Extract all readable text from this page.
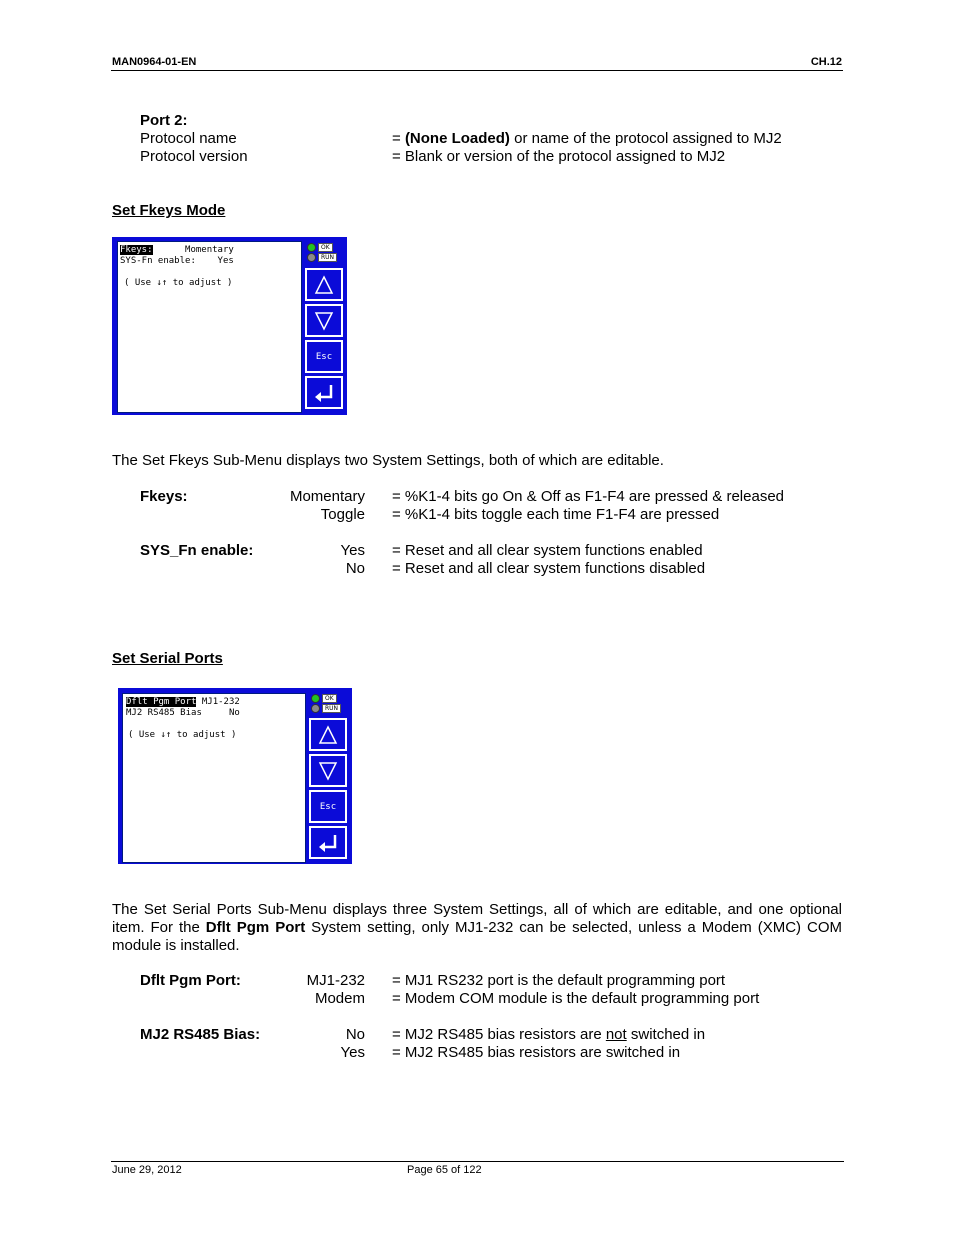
MAN0964-01-EN	CH.12
Port 2:
Protocol name	= (None Loaded) or name of the protocol assigned to MJ2
Protocol version	= Blank or version of the protocol assigned to MJ2
Set Fkeys Mode
Fkeys:      Momentary
SYS-Fn enable:    Yes
( Use ↓↑ to adjust )
OK
RUN
Esc
The Set Fkeys Sub-Menu displays two System Settings, both of which are editable.
Fkeys:	Momentary = %K1-4 bits go On & Off as F1-F4 are pressed & released
Toggle = %K1-4 bits toggle each time F1-F4 are pressed
SYS_Fn enable:	Yes = Reset and all clear system functions enabled
No = Reset and all clear system functions disabled
Set Serial Ports
Dflt Pgm Port MJ1-232
MJ2 RS485 Bias     No
( Use ↓↑ to adjust )
OK
RUN
Esc
The Set Serial Ports Sub-Menu displays three System Settings, all of which are editable, and one optional item. For the Dflt Pgm Port System setting, only MJ1-232 can be selected, unless a Modem (XMC) COM module is installed.
Dflt Pgm Port:	MJ1-232 = MJ1 RS232 port is the default programming port
Modem = Modem COM module is the default programming port
MJ2 RS485 Bias:	No = MJ2 RS485 bias resistors are not switched in
Yes = MJ2 RS485 bias resistors are switched in
June 29, 2012	Page 65 of 122
